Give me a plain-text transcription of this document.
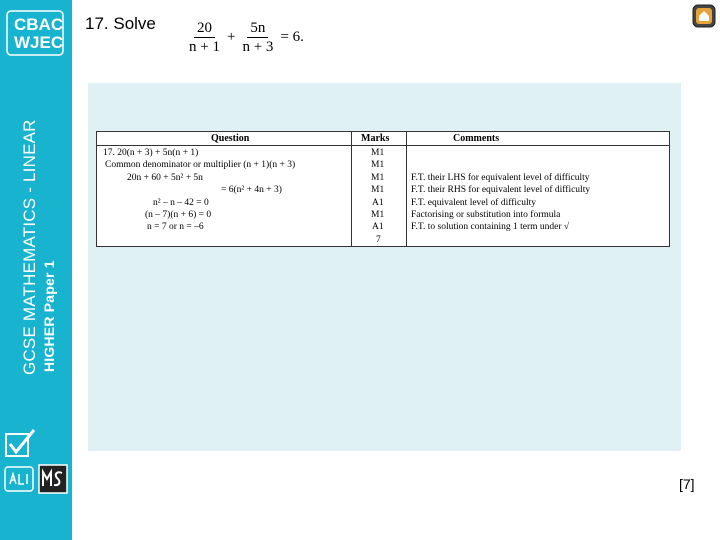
CBAC
WJEC
GCSE MATHEMATICS - LINEAR HIGHER Paper 1
17. Solve $\frac{20}{n + 1} + \frac{5n}{n + 3} = 6$.
Question	Marks	Comments
17. 20(n + 3) + 5n(n + 1)
Common denominator or multiplier (n + 1)(n + 3)
20n + 60 + 5n² + 5n
= 6(n² + 4n + 3)
n² – n – 42 = 0
(n – 7)(n + 6) = 0
n = 7 or n = –6
M1
M1
M1
M1
A1
M1
A1
7
F.T. their LHS for equivalent level of difficulty
F.T. their RHS for equivalent level of difficulty
F.T. equivalent level of difficulty
Factorising or substitution into formula
F.T. to solution containing 1 term under √
[7]
